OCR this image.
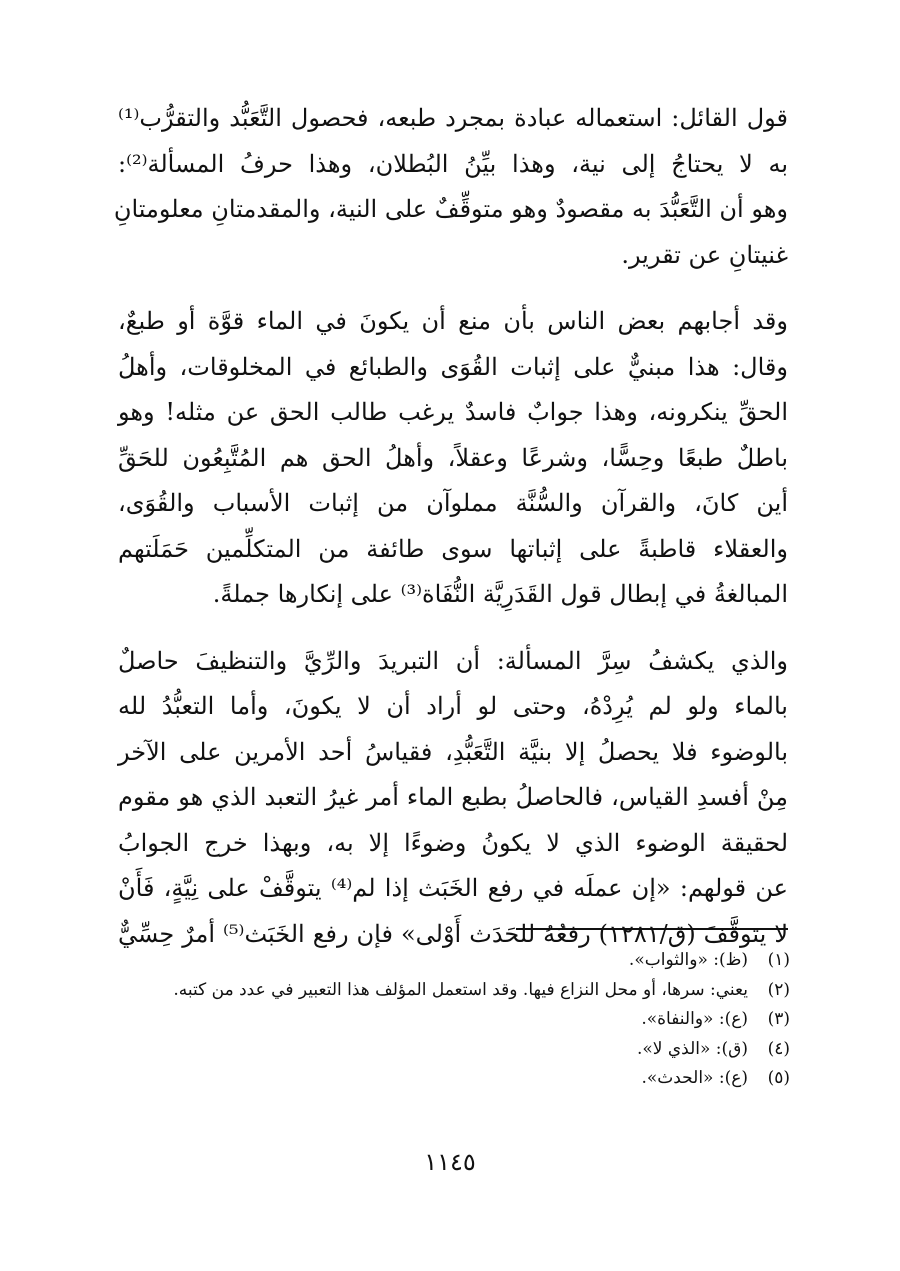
قول القائل: استعماله عبادة بمجرد طبعه، فحصول التَّعَبُّد والتقرُّب⁽¹⁾
به لا يحتاجُ إلى نية، وهذا بيِّنُ البُطلان، وهذا حرفُ المسألة⁽²⁾:
وهو أن التَّعَبُّدَ به مقصودٌ وهو متوقِّفٌ على النية، والمقدمتانِ معلومتانِ
غنيتانِ عن تقرير.

وقد أجابهم بعض الناس بأن منع أن يكونَ في الماء قوَّة أو طبعٌ،
وقال: هذا مبنيٌّ على إثبات القُوَى والطبائع في المخلوقات، وأهلُ
الحقِّ ينكرونه، وهذا جوابٌ فاسدٌ يرغب طالب الحق عن مثله! وهو
باطلٌ طبعًا وحِسًّا، وشرعًا وعقلاً، وأهلُ الحق هم المُتَّبِعُون للحَقِّ
أين كانَ، والقرآن والسُّنَّة مملوآن من إثبات الأسباب والقُوَى،
والعقلاء قاطبةً على إثباتها سوى طائفة من المتكلِّمين حَمَلَتهم
المبالغةُ في إبطال قول القَدَرِيَّة النُّفَاة⁽³⁾ على إنكارها جملةً.

والذي يكشفُ سِرَّ المسألة: أن التبريدَ والرِّيَّ والتنظيفَ حاصلٌ
بالماء ولو لم يُرِدْهُ، وحتى لو أراد أن لا يكونَ، وأما التعبُّدُ لله
بالوضوء فلا يحصلُ إلا بنيَّة التَّعَبُّدِ، فقياسُ أحد الأمرين على الآخر
مِنْ أفسدِ القياس، فالحاصلُ بطبع الماء أمر غيرُ التعبد الذي هو مقوم
لحقيقة الوضوء الذي لا يكونُ وضوءًا إلا به، وبهذا خرج الجوابُ
عن قولهم: «إن عملَه في رفع الخَبَث إذا لم⁽⁴⁾ يتوقَّفْ على نِيَّةٍ، فَأَنْ
لا يتوقَّفَ (ق/١٢٨١) رفعُهُ للحَدَث أَوْلى» فإن رفع الخَبَث⁽⁵⁾ أمرٌ حِسِّيٌّ

(١)(ظ): «والثواب».
(٢)يعني: سرها، أو محل النزاع فيها. وقد استعمل المؤلف هذا التعبير في عدد من كتبه.
(٣)(ع): «والنفاة».
(٤)(ق): «الذي لا».
(٥)(ع): «الحدث».
١١٤٥
